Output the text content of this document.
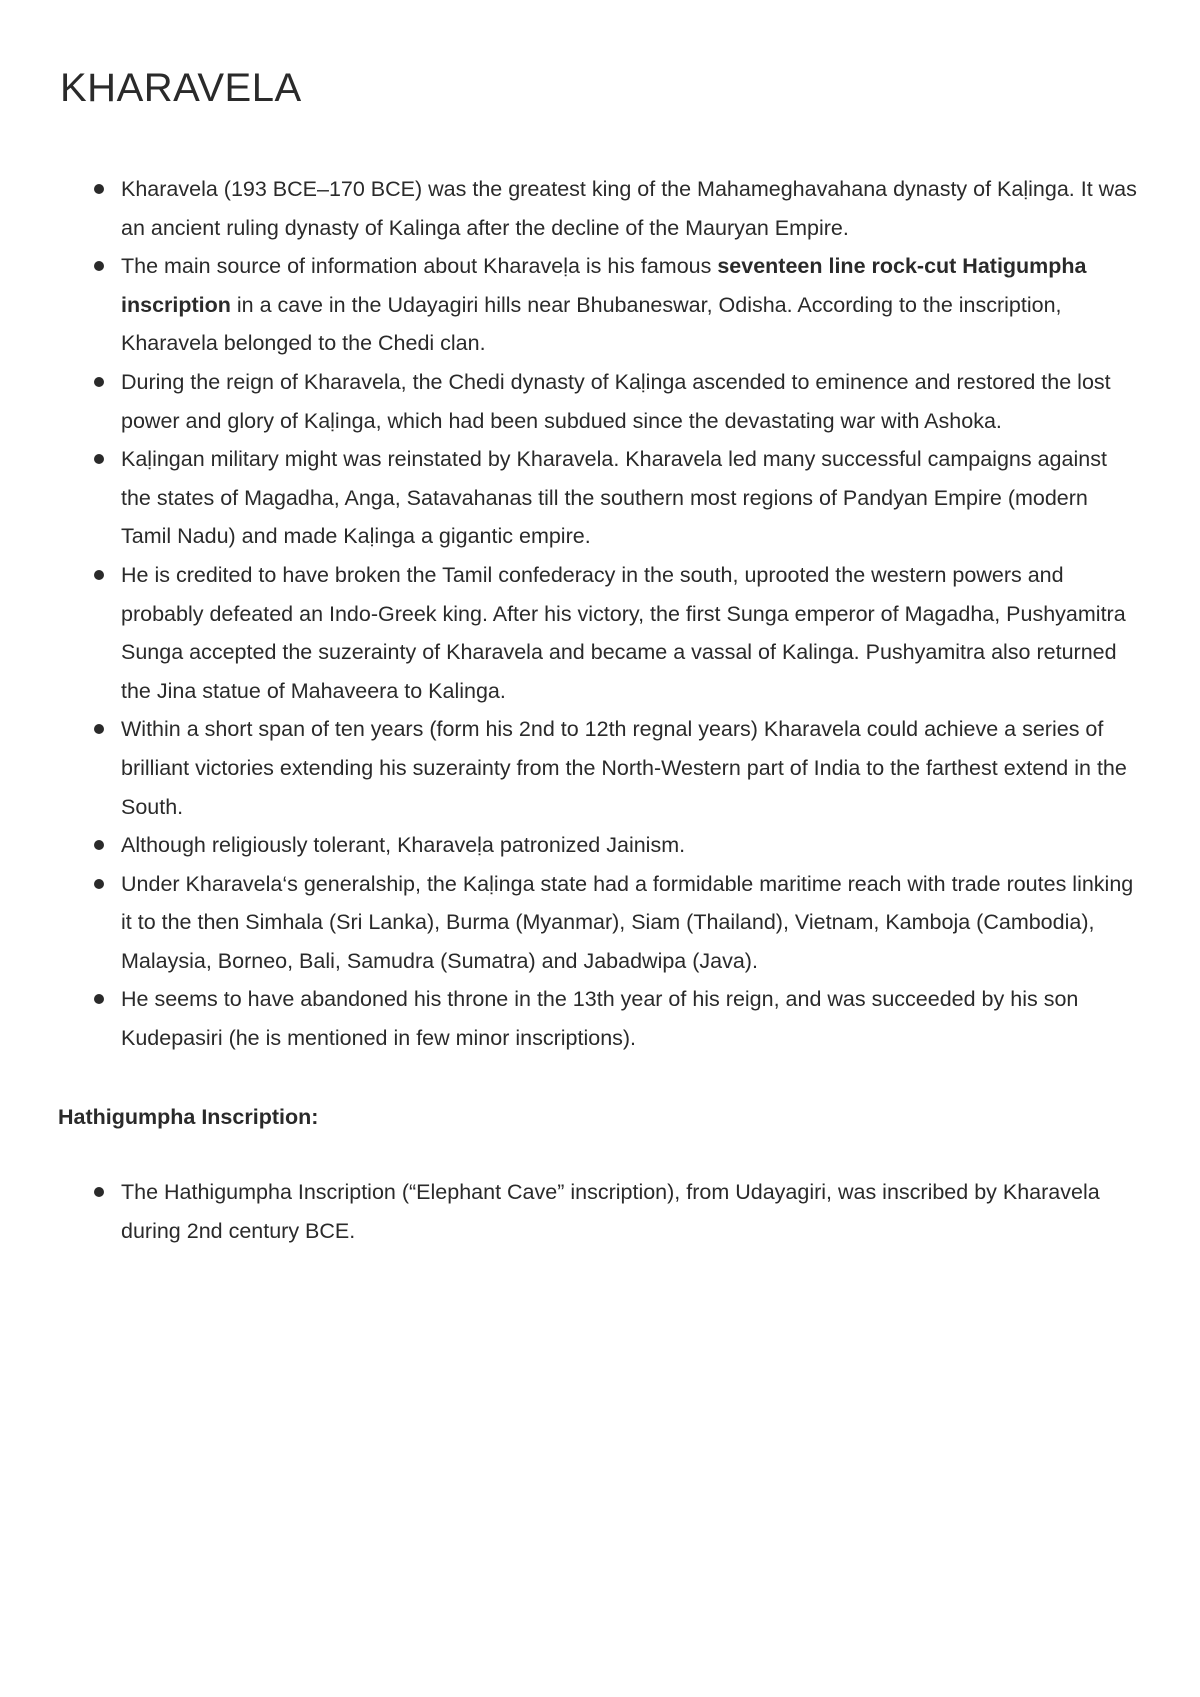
KHARAVELA
Kharavela (193 BCE–170 BCE) was the greatest king of the Mahameghavahana dynasty of Kaḷinga. It was an ancient ruling dynasty of Kalinga after the decline of the Mauryan Empire.
The main source of information about Kharaveḷa is his famous seventeen line rock-cut Hatigumpha inscription in a cave in the Udayagiri hills near Bhubaneswar, Odisha. According to the inscription, Kharavela belonged to the Chedi clan.
During the reign of Kharavela, the Chedi dynasty of Kaḷinga ascended to eminence and restored the lost power and glory of Kaḷinga, which had been subdued since the devastating war with Ashoka.
Kaḷingan military might was reinstated by Kharavela. Kharavela led many successful campaigns against the states of Magadha, Anga, Satavahanas till the southern most regions of Pandyan Empire (modern Tamil Nadu) and made Kaḷinga a gigantic empire.
He is credited to have broken the Tamil confederacy in the south, uprooted the western powers and probably defeated an Indo-Greek king. After his victory, the first Sunga emperor of Magadha, Pushyamitra Sunga accepted the suzerainty of Kharavela and became a vassal of Kalinga. Pushyamitra also returned the Jina statue of Mahaveera to Kalinga.
Within a short span of ten years (form his 2nd to 12th regnal years) Kharavela could achieve a series of brilliant victories extending his suzerainty from the North-Western part of India to the farthest extend in the South.
Although religiously tolerant, Kharaveḷa patronized Jainism.
Under Kharavela‘s generalship, the Kaḷinga state had a formidable maritime reach with trade routes linking it to the then Simhala (Sri Lanka), Burma (Myanmar), Siam (Thailand), Vietnam, Kamboja (Cambodia), Malaysia, Borneo, Bali, Samudra (Sumatra) and Jabadwipa (Java).
He seems to have abandoned his throne in the 13th year of his reign, and was succeeded by his son Kudepasiri (he is mentioned in few minor inscriptions).

Hathigumpha Inscription:

The Hathigumpha Inscription (“Elephant Cave” inscription), from Udayagiri, was inscribed by Kharavela during 2nd century BCE.
